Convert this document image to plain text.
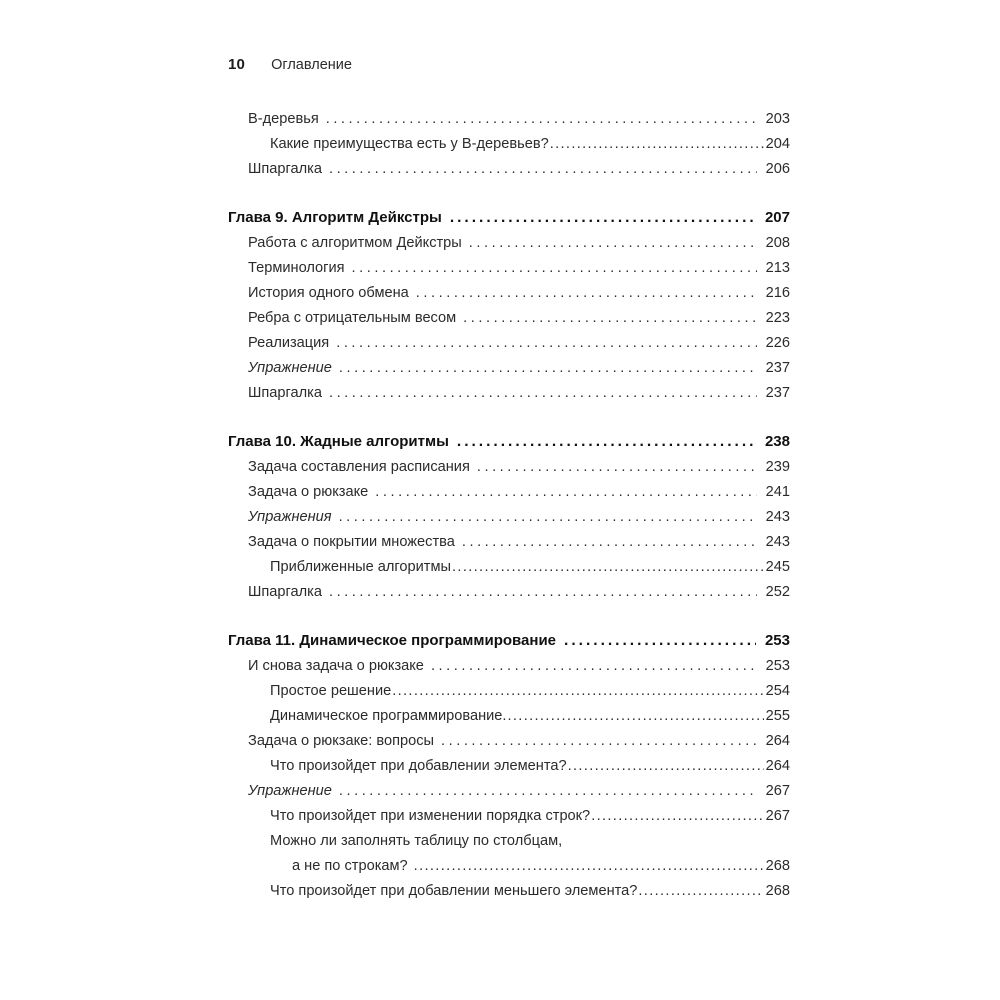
10 Оглавление
B-деревья .....	203
Какие преимущества есть у B-деревьев? .....	204
Шпаргалка .....	206
Глава 9. Алгоритм Дейкстры .....	207
Работа с алгоритмом Дейкстры .....	208
Терминология .....	213
История одного обмена .....	216
Ребра с отрицательным весом .....	223
Реализация .....	226
Упражнение .....	237
Шпаргалка .....	237
Глава 10. Жадные алгоритмы .....	238
Задача составления расписания .....	239
Задача о рюкзаке .....	241
Упражнения .....	243
Задача о покрытии множества .....	243
Приближенные алгоритмы .....	245
Шпаргалка .....	252
Глава 11. Динамическое программирование .....	253
И снова задача о рюкзаке .....	253
Простое решение .....	254
Динамическое программирование. .....	255
Задача о рюкзаке: вопросы .....	264
Что произойдет при добавлении элемента? .....	264
Упражнение .....	267
Что произойдет при изменении порядка строк? .....	267
Можно ли заполнять таблицу по столбцам,
а не по строкам? .....	268
Что произойдет при добавлении меньшего элемента? .....	268
